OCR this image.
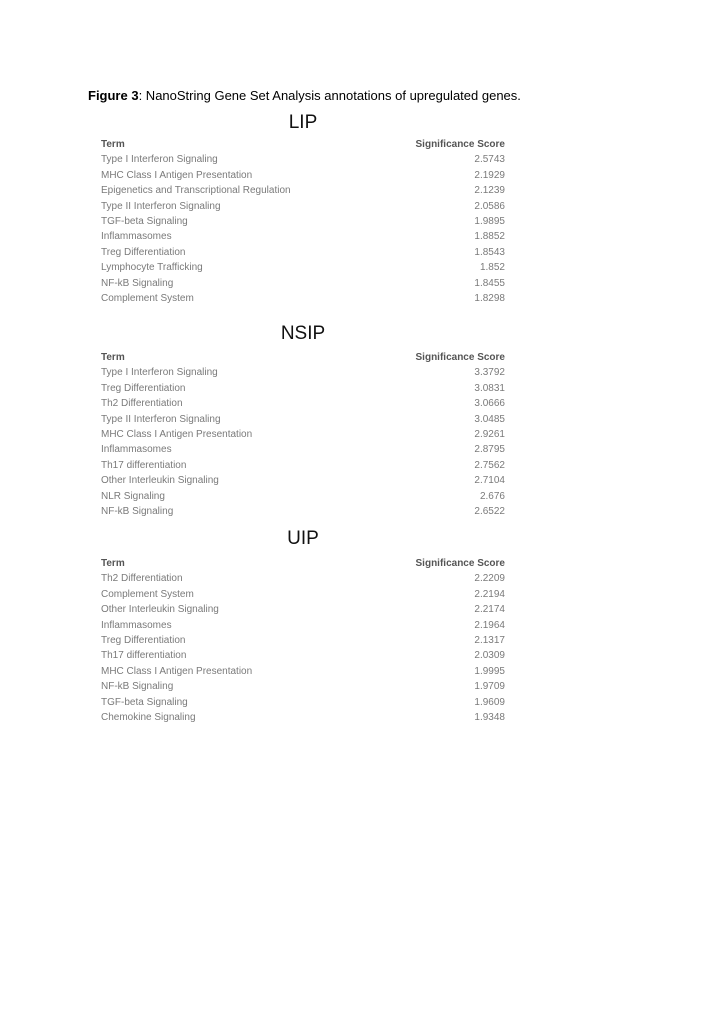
Figure 3: NanoString Gene Set Analysis annotations of upregulated genes.
LIP
Term	Significance Score
Type I Interferon Signaling	2.5743
MHC Class I Antigen Presentation	2.1929
Epigenetics and Transcriptional Regulation	2.1239
Type II Interferon Signaling	2.0586
TGF-beta Signaling	1.9895
Inflammasomes	1.8852
Treg Differentiation	1.8543
Lymphocyte Trafficking	1.852
NF-kB Signaling	1.8455
Complement System	1.8298
NSIP
Term	Significance Score
Type I Interferon Signaling	3.3792
Treg Differentiation	3.0831
Th2 Differentiation	3.0666
Type II Interferon Signaling	3.0485
MHC Class I Antigen Presentation	2.9261
Inflammasomes	2.8795
Th17 differentiation	2.7562
Other Interleukin Signaling	2.7104
NLR Signaling	2.676
NF-kB Signaling	2.6522
UIP
Term	Significance Score
Th2 Differentiation	2.2209
Complement System	2.2194
Other Interleukin Signaling	2.2174
Inflammasomes	2.1964
Treg Differentiation	2.1317
Th17 differentiation	2.0309
MHC Class I Antigen Presentation	1.9995
NF-kB Signaling	1.9709
TGF-beta Signaling	1.9609
Chemokine Signaling	1.9348
